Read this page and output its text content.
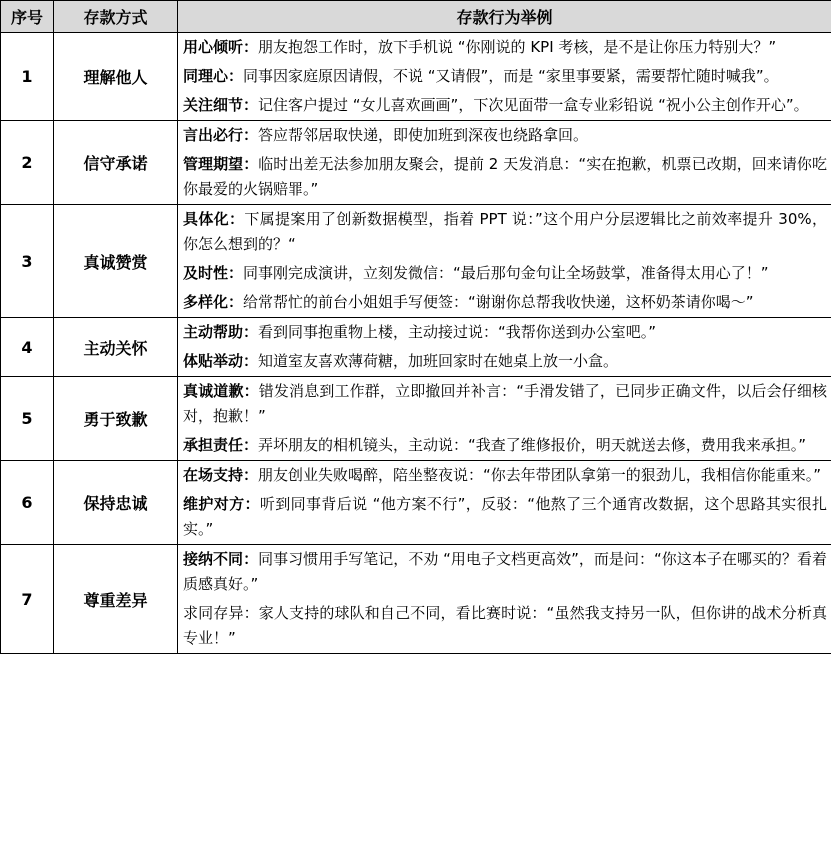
序号	存款方式	存款行为举例
1	理解他人	用心倾听：朋友抱怨工作时，放下手机说 “你刚说的 KPI 考核，是不是让你压力特别大？”

同理心：同事因家庭原因请假，不说 “又请假”，而是 “家里事要紧，需要帮忙随时喊我”。

关注细节：记住客户提过 “女儿喜欢画画”，下次见面带一盒专业彩铅说 “祝小公主创作开心”。

2	信守承诺	言出必行：答应帮邻居取快递，即使加班到深夜也绕路拿回。

管理期望：临时出差无法参加朋友聚会，提前 2 天发消息：“实在抱歉，机票已改期，回来请你吃你最爱的火锅赔罪。”

3	真诚赞赏	具体化：下属提案用了创新数据模型，指着 PPT 说：”这个用户分层逻辑比之前效率提升 30%，你怎么想到的？“

及时性：同事刚完成演讲，立刻发微信：“最后那句金句让全场鼓掌，准备得太用心了！”

多样化：给常帮忙的前台小姐姐手写便签：“谢谢你总帮我收快递，这杯奶茶请你喝～”

4	主动关怀	主动帮助：看到同事抱重物上楼，主动接过说：“我帮你送到办公室吧。”

体贴举动：知道室友喜欢薄荷糖，加班回家时在她桌上放一小盒。

5	勇于致歉	真诚道歉：错发消息到工作群，立即撤回并补言：“手滑发错了，已同步正确文件，以后会仔细核对，抱歉！”

承担责任：弄坏朋友的相机镜头，主动说：“我查了维修报价，明天就送去修，费用我来承担。”

6	保持忠诚	在场支持：朋友创业失败喝醉，陪坐整夜说：“你去年带团队拿第一的狠劲儿，我相信你能重来。”

维护对方：听到同事背后说 “他方案不行”，反驳：“他熬了三个通宵改数据，这个思路其实很扎实。”

7	尊重差异	接纳不同：同事习惯用手写笔记，不劝 “用电子文档更高效”，而是问：“你这本子在哪买的？看着质感真好。”

求同存异：家人支持的球队和自己不同，看比赛时说：“虽然我支持另一队，但你讲的战术分析真专业！”
